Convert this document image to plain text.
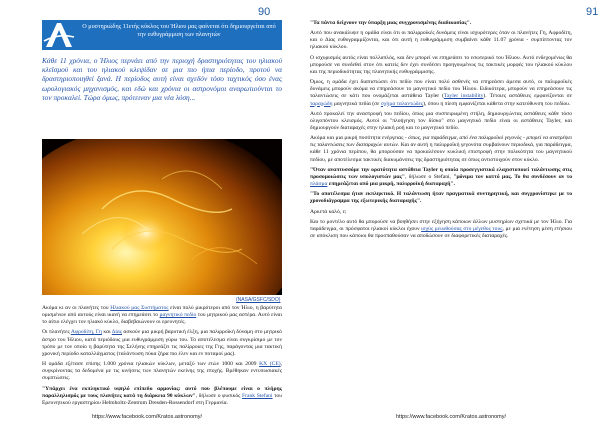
90
Ο μυστηριώδης 11ετής κύκλος του Ήλιου μας φαίνεται ότι δημιουργείται από την ευθυγράμμιση των πλανητών
Κάθε 11 χρόνια, ο Ήλιος περνάει από την περιοχή δραστηριότητας του ηλιακού κλεϊσμού και του ηλιακού κλεψίδαν σε μια πιο ήπια περίοδο, προτού να δραστηριοποιηθεί ξανά. Η περίοδος αυτή είναι σχεδόν τόσο ταχτικός όσο ένας ωρολογιακός μηχανισμός, και εδώ και χρόνια οι αστρονόμοι αναρωτιούνται το τον προκαλεί. Τώρα όμως, πρότειναν μια νέα λύση...
(NASA/GSFC/SDO)

Ακόμα κι αν οι πλανήτες του Ηλιακού μας Συστήματος είναι πολύ μικρότεροι από τον Ήλιο, η βαρύτητα ορισμένων από αυτούς είναι ικανή να επηρεάσει το μαγνητικό πεδίο του μητρικού μας αστέρα. Αυτό είναι το αίτιο ελέγχει τον ηλιακό κύκλο, διαβεβαιώνουν οι ερευνητές.

Οι πλανήτες Αφροδίτη, Γη και Δίας ασκούν μια μικρή βαρυτική έλξη, μια παλιρροϊκή δύναμη στο μητρικό άστρο του Ήλιου, κατά περιόδους μια ευθυγράμμιση γύρω του. Το αποτέλεσμα είναι συγκρίσιμο με τον τρόπο με τον οποίο η βαρύτητα της Σελήνης επηρεάζει τις παλίρροιες της Γης, παράγοντας μια τακτική χρονική περίοδο καταλλάγματος (ταλάντωση πύκα ζήρα πιο έλεν και εν ποταμοί μας).

Η ομάδα εξέτασε επίσης 1.000 χρόνια ηλιακών κύκλων, μεταξύ των ετών 1000 και 2009 KX (CE), συγκρίνοντας τα δεδομένα με τις κινήσεις των πλανητών εκείνης της εποχής. Βρέθηκαν εντυπωσιακές συμπτώσεις.

"Υπάρχει ένα εκπληκτικό υψηλό επίπεδο αρμονίας: αυτό που βλέπουμε είναι ο πλήρης παραλληλισμός με τους πλανήτες κατά τη διάρκεια 90 κύκλων", δήλωσε ο φυσικός Frank Stefani του Ερευνητικού εργαστηρίου Helmholtz-Zentrum Dresden-Rossendorf στη Γερμανία.

https://www.facebook.com/Kratos.astronomy/
91

"Τα πάντα δείχνουν την ύπαρξη μιας συγχρονισμένης διαδικασίας".

Αυτό που ανακάλυψε η ομάδα είναι ότι οι παλιρροϊκές δυνάμεις είναι ισχυρότερες όταν οι πλανήτες Γη, Αφροδίτη, και ο Δίας ευθυγραμμίζονται, και ότι αυτή η ευθυγράμμιση συμβαίνει κάθε 11.07 χρόνια - συμπίπτοντας τον ηλιακού κύκλου.

Ο ισχυρισμός αυτός είναι πολλαπλός, και δεν μπορεί να επηρεάσει το εσωτερικό του Ήλιου. Αυτό ενδεχομένως θα μπορούσε να συνδεθεί στον ότι κατείς δεν έχει συνδέσει προηγουμένως τις τακτικές μορφές του ηλιακού κύκλου και της περιοδικότητας της πλανητικής ευθυγράμμισης.

Όμως, η ομάδα έχει διαπιστώσει ότι πεδίο που είναι πολύ ασθενές να επηρεάσει άμεσα αυτό, οι παλιρροϊκές δυνάμεις μπορούν ακόμα να επηρεάσουν το μαγνητικό πεδίο του Ήλιου. Ειδικότερα, μπορούν να επηρεάσουν τις ταλαντώσεις σε κάτι που ονομάζεται αστάθεια Tayler (Tayler instability). Τέτοιες αστάθειες εμφανίζονται σε ταραχώδη μαγνητικά πεδία (σε σχήμα ταλαντώδες), όπου η πίεση εμφανίζεται κάθετα στην κατεύθυνση του πεδίου.

Αυτό προκαλεί την αναστροφή του πεδίου, όπως μια συσπειρωμένη στήλη, δημιουργώντας αστάθειες κάθε τόσο ολιγοπόντου κλεισμός. Αυτοί οι "πλοήγηση τον δίσκο" στο μαγνητικό πεδίο είναι οι αστάθειες Tayler, και δημιουργούν διαταραχές στην ηλιακή ροή και το μαγνητικό πεδίο.

Ακόμα και μια μικρή ποσότητα ενέργειας - όπως, για παράδειγμα, από ένα παλιρροϊκό γεγονός - μπορεί να ανατρέψει τις ταλαντώσεις των διαταραχών αυτών. Και αν αυτή η παλιρροϊκή γεγονότα συμβαίνουν περιοδικά, για παράδειγμα, κάθε 11 χρόνια περίπου, θα μπορούσαν να προκαλέσουν κυκλική επιστροφή στην πολικότητα του μαγνητικού πεδίου, με αποτέλεσμα τακτικές διακυμάνσεις της δραστηριότητας σε όπως αντιστοιχούν στον κύκλο.

"Όταν αναπτυσσόμε την ορατότητα αστάθεια Tayler η οποία προσεγγιστικά ελαχιστοποιεί ταλάντωσης στις προσομοιώσεις των υπολογιστών μας", δήλωσε ο Stefani, "μόνιμα τον καττό μας. Το θα συνδέσουν αν το πλάσμα επηρεάζεται από μια μικρή, παλιρροϊκή διαταραχή".

"Το αποτέλεσμα ήταν εκπληκτικό. Η ταλάντωση ήταν πραγματικά συντηρητική, και συγχρονίστηκε με το χρονοδιάγραμμα της εξωτερικής διαταραχής".

Αρκετά καλό, ε;

Και το μοντέλο αυτό θα μπορούσε να βοηθήσει στην εξήγηση κάποιων άλλων μυστηρίων σχετικά με τον Ήλιο. Για παράδειγμα, οι πρόσφατοι ηλιακοί κύκλοι έχουν ισχύς μειωθούσας στο μέγεθος τους, με μια ενέτηση μέση ετήσιου σε απόκλιση που κάποιοι θα προσπαθούσαν να αποδώσουν σε διαφορετικές διαταραχές.

https://www.facebook.com/Kratos.astronomy/
